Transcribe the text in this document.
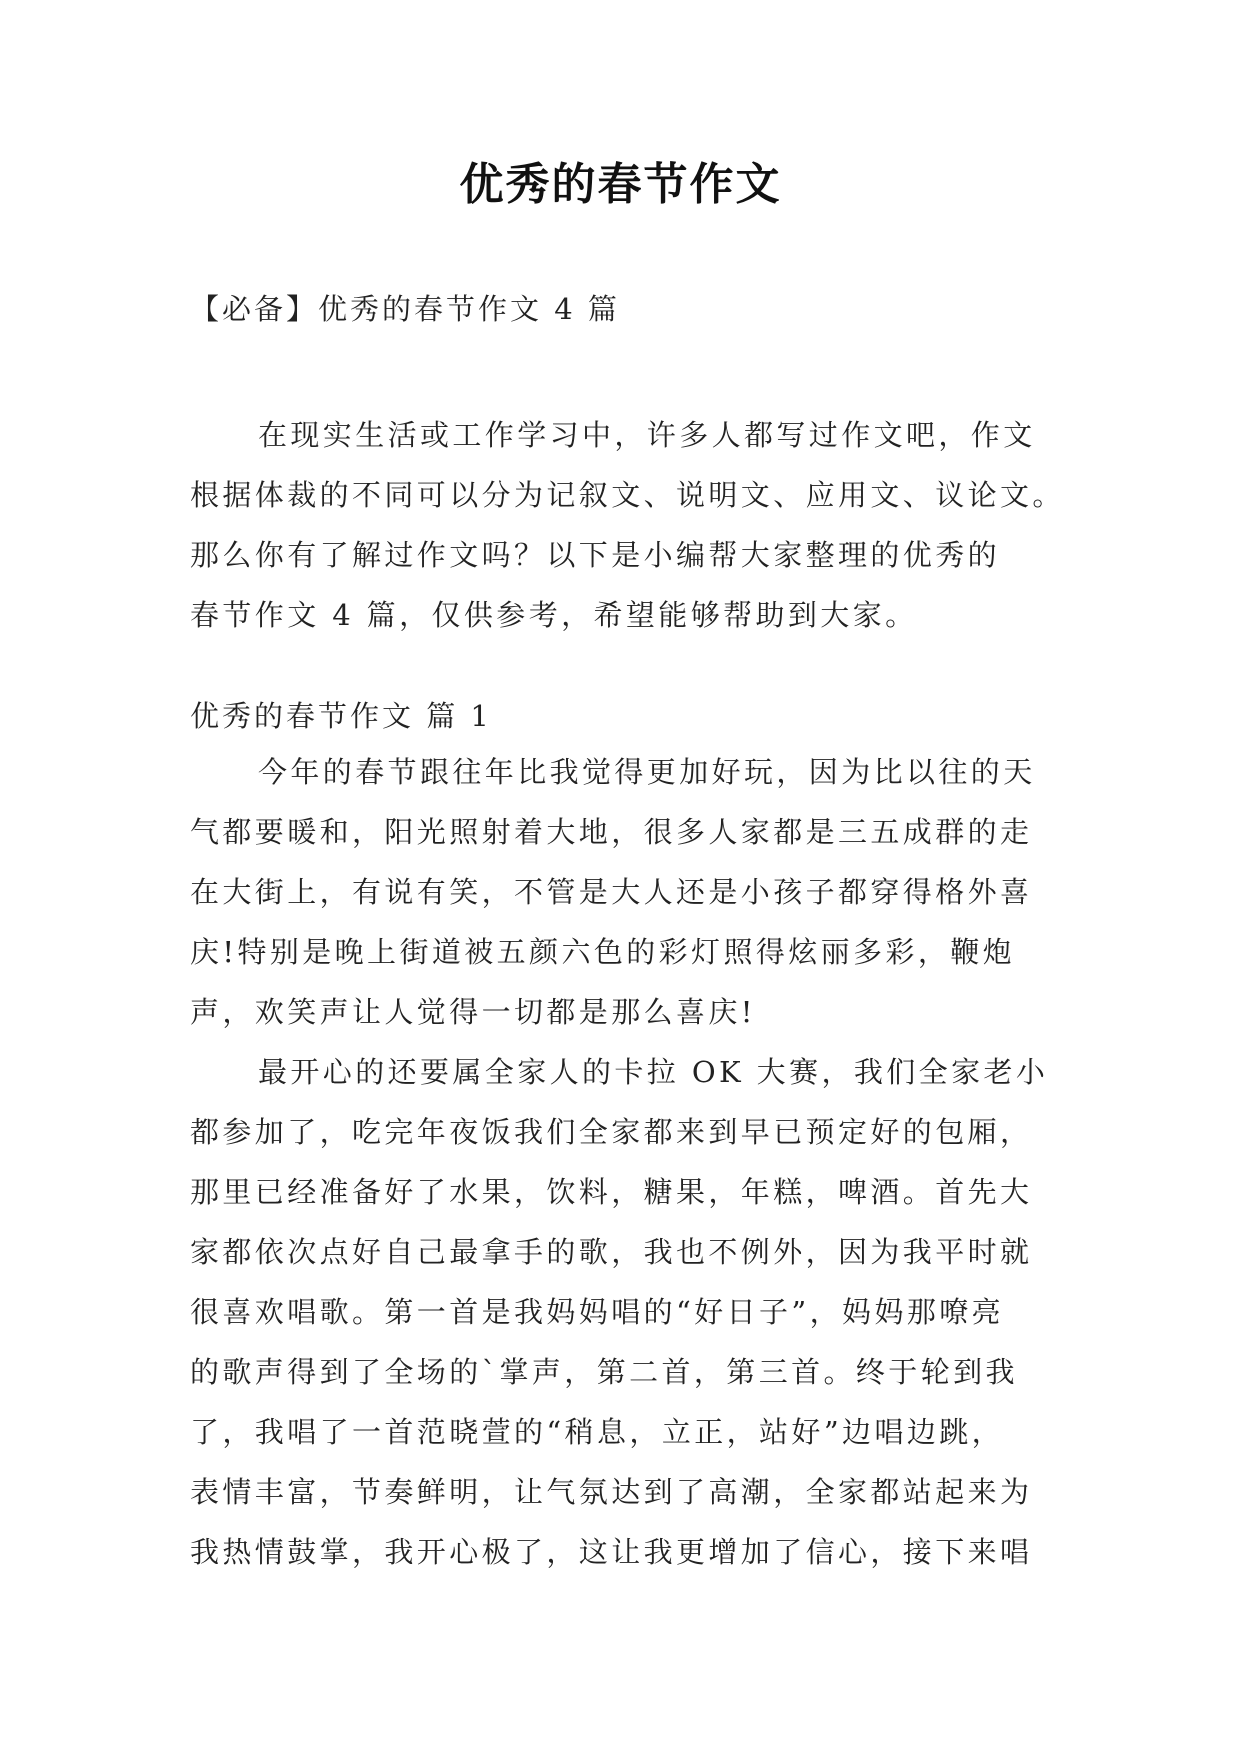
优秀的春节作文
【必备】优秀的春节作文 4 篇
在现实生活或工作学习中，许多人都写过作文吧，作文
根据体裁的不同可以分为记叙文、说明文、应用文、议论文。
那么你有了解过作文吗？以下是小编帮大家整理的优秀的
春节作文 4 篇，仅供参考，希望能够帮助到大家。
优秀的春节作文 篇 1
今年的春节跟往年比我觉得更加好玩，因为比以往的天
气都要暖和，阳光照射着大地，很多人家都是三五成群的走
在大街上，有说有笑，不管是大人还是小孩子都穿得格外喜
庆!特别是晚上街道被五颜六色的彩灯照得炫丽多彩，鞭炮
声，欢笑声让人觉得一切都是那么喜庆!
最开心的还要属全家人的卡拉 OK 大赛，我们全家老小
都参加了，吃完年夜饭我们全家都来到早已预定好的包厢，
那里已经准备好了水果，饮料，糖果，年糕，啤酒。首先大
家都依次点好自己最拿手的歌，我也不例外，因为我平时就
很喜欢唱歌。第一首是我妈妈唱的“好日子”，妈妈那嘹亮
的歌声得到了全场的`掌声，第二首，第三首。终于轮到我
了，我唱了一首范晓萱的“稍息，立正，站好”边唱边跳，
表情丰富，节奏鲜明，让气氛达到了高潮，全家都站起来为
我热情鼓掌，我开心极了，这让我更增加了信心，接下来唱
